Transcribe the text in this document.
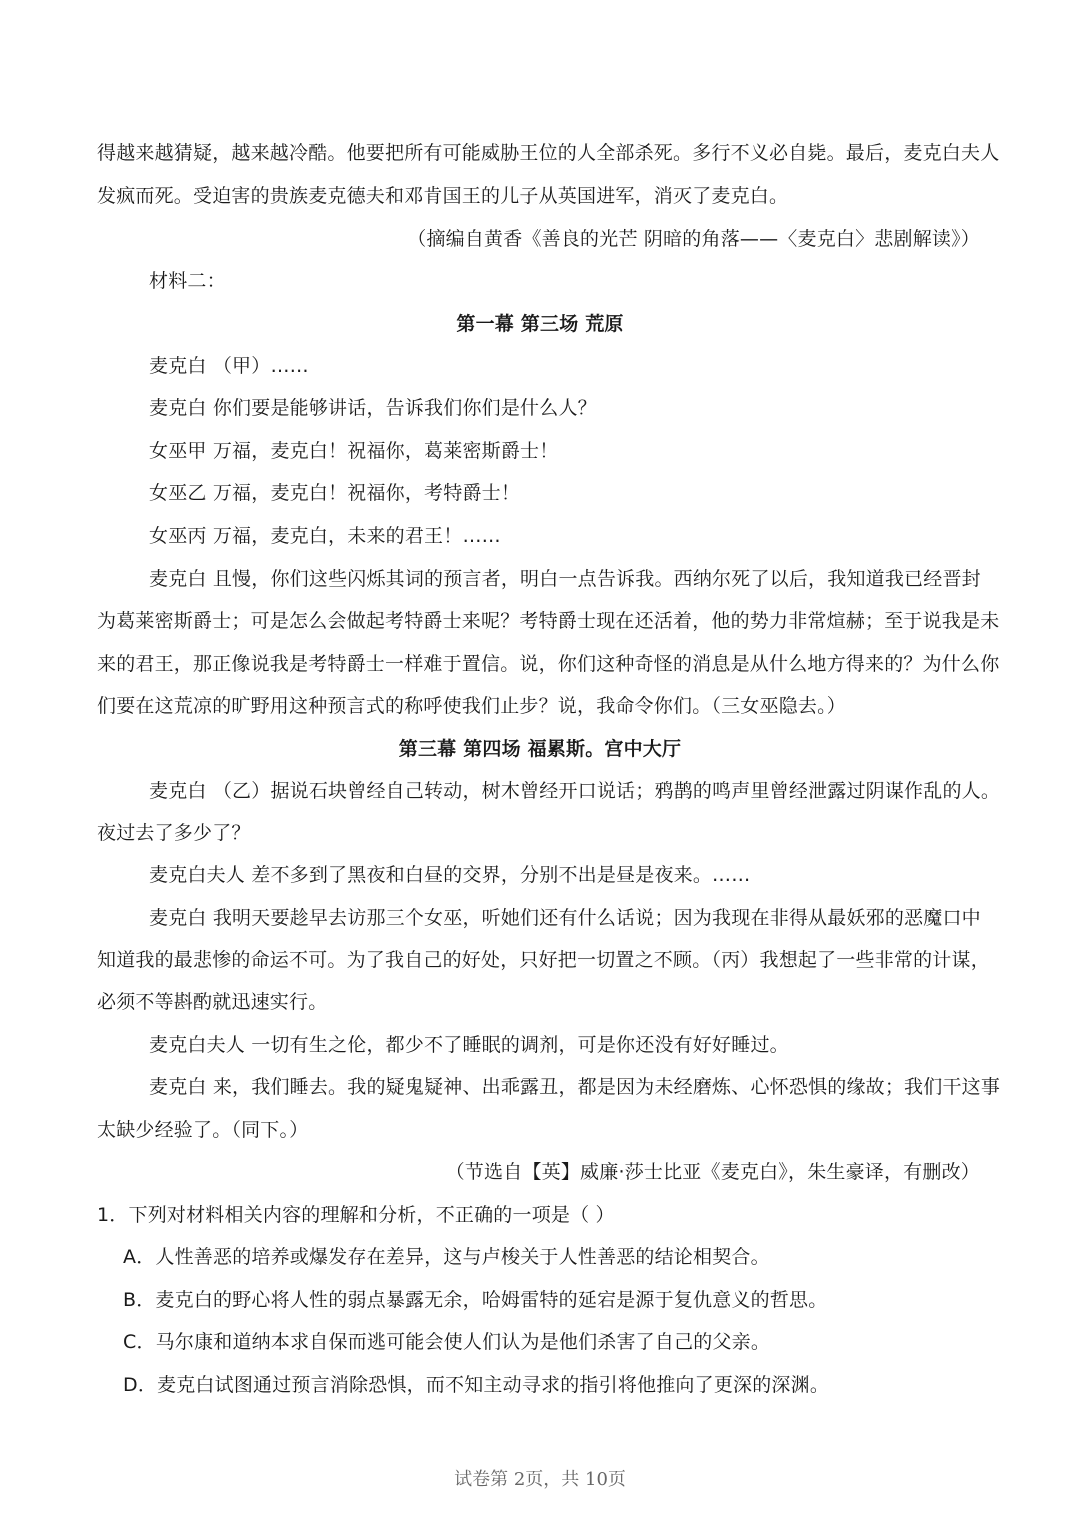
得越来越猜疑，越来越冷酷。他要把所有可能威胁王位的人全部杀死。多行不义必自毙。最后，麦克白夫人
发疯而死。受迫害的贵族麦克德夫和邓肯国王的儿子从英国进军，消灭了麦克白。
（摘编自黄香《善良的光芒 阴暗的角落——〈麦克白〉悲剧解读》）
材料二：
第一幕 第三场 荒原
麦克白 （甲）……
麦克白 你们要是能够讲话，告诉我们你们是什么人？
女巫甲 万福，麦克白！祝福你，葛莱密斯爵士！
女巫乙 万福，麦克白！祝福你，考特爵士！
女巫丙 万福，麦克白，未来的君王！……
麦克白 且慢，你们这些闪烁其词的预言者，明白一点告诉我。西纳尔死了以后，我知道我已经晋封
为葛莱密斯爵士；可是怎么会做起考特爵士来呢？考特爵士现在还活着，他的势力非常煊赫；至于说我是未
来的君王，那正像说我是考特爵士一样难于置信。说，你们这种奇怪的消息是从什么地方得来的？为什么你
们要在这荒凉的旷野用这种预言式的称呼使我们止步？说，我命令你们。（三女巫隐去。）
第三幕 第四场 福累斯。宫中大厅
麦克白 （乙）据说石块曾经自己转动，树木曾经开口说话；鸦鹊的鸣声里曾经泄露过阴谋作乱的人。
夜过去了多少了？
麦克白夫人 差不多到了黑夜和白昼的交界，分别不出是昼是夜来。……
麦克白 我明天要趁早去访那三个女巫，听她们还有什么话说；因为我现在非得从最妖邪的恶魔口中
知道我的最悲惨的命运不可。为了我自己的好处，只好把一切置之不顾。（丙）我想起了一些非常的计谋，
必须不等斟酌就迅速实行。
麦克白夫人 一切有生之伦，都少不了睡眠的调剂，可是你还没有好好睡过。
麦克白 来，我们睡去。我的疑鬼疑神、出乖露丑，都是因为未经磨炼、心怀恐惧的缘故；我们干这事
太缺少经验了。（同下。）
（节选自【英】威廉·莎士比亚《麦克白》，朱生豪译，有删改）
1．下列对材料相关内容的理解和分析，不正确的一项是（ ）
A．人性善恶的培养或爆发存在差异，这与卢梭关于人性善恶的结论相契合。
B．麦克白的野心将人性的弱点暴露无余，哈姆雷特的延宕是源于复仇意义的哲思。
C．马尔康和道纳本求自保而逃可能会使人们认为是他们杀害了自己的父亲。
D．麦克白试图通过预言消除恐惧，而不知主动寻求的指引将他推向了更深的深渊。
试卷第 2页，共 10页
